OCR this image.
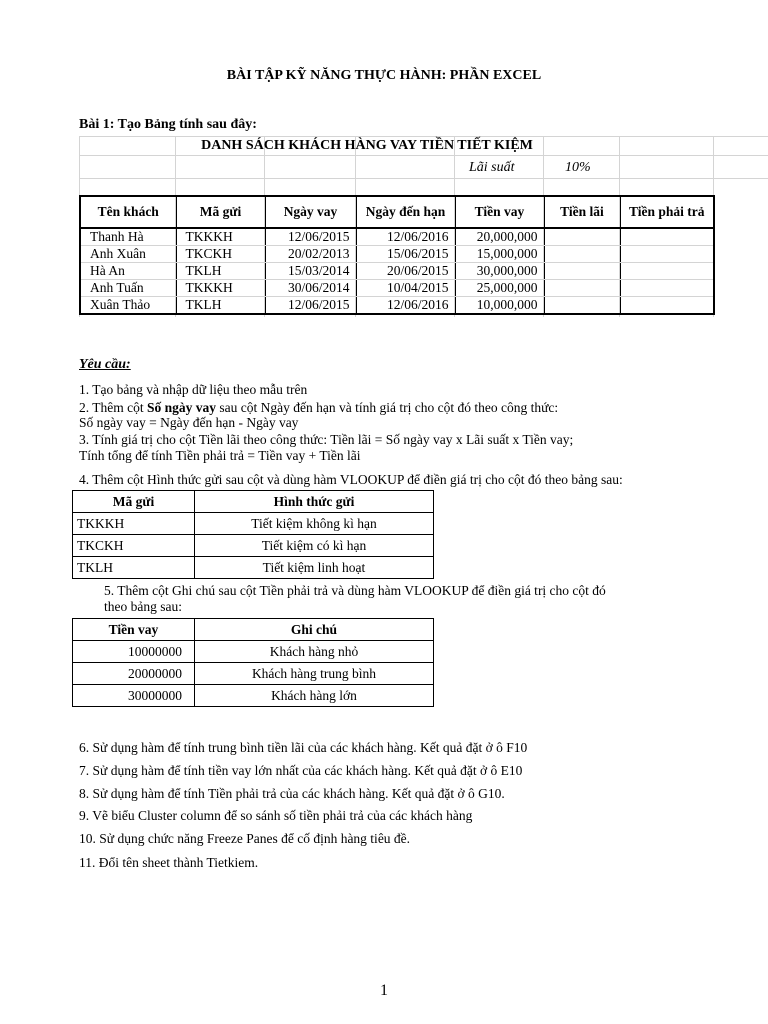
BÀI TẬP KỸ NĂNG THỰC HÀNH: PHẦN EXCEL
Bài 1: Tạo Bảng tính sau đây:
DANH SÁCH KHÁCH HÀNG VAY TIỀN TIẾT KIỆM
Lãi suất	10%
Tên khách	Mã gửi	Ngày vay	Ngày đến hạn	Tiền vay	Tiền lãi	Tiền phải trả
Thanh Hà	TKKKH	12/06/2015	12/06/2016	20,000,000		
Anh Xuân	TKCKH	20/02/2013	15/06/2015	15,000,000		
Hà An	TKLH	15/03/2014	20/06/2015	30,000,000		
Anh Tuấn	TKKKH	30/06/2014	10/04/2015	25,000,000		
Xuân Thảo	TKLH	12/06/2015	12/06/2016	10,000,000		
Yêu cầu:
1. Tạo bảng và nhập dữ liệu theo mẫu trên
2. Thêm cột Số ngày vay sau cột Ngày đến hạn và tính giá trị cho cột đó theo công thức:
Số ngày vay = Ngày đến hạn - Ngày vay
3. Tính giá trị cho cột Tiền lãi theo công thức: Tiền lãi = Số ngày vay x Lãi suất x Tiền vay;
Tính tổng để tính Tiền phải trả = Tiền vay + Tiền lãi
4. Thêm cột Hình thức gửi sau cột và dùng hàm VLOOKUP để điền giá trị cho cột đó theo bảng sau:
Mã gửi	Hình thức gửi
TKKKH	Tiết kiệm không kì hạn
TKCKH	Tiết kiệm có kì hạn
TKLH	Tiết kiệm linh hoạt
5. Thêm cột Ghi chú sau cột Tiền phải trả và dùng hàm VLOOKUP để điền giá trị cho cột đó
theo bảng sau:
Tiền vay	Ghi chú
10000000	Khách hàng nhỏ
20000000	Khách hàng trung bình
30000000	Khách hàng lớn
6. Sử dụng hàm để tính trung bình tiền lãi của các khách hàng. Kết quả đặt ở ô F10
7. Sử dụng hàm để tính tiền vay lớn nhất của các khách hàng. Kết quả đặt ở ô E10
8. Sử dụng hàm để tính Tiền phải trả của các khách hàng. Kết quả đặt ở ô G10.
9. Vẽ biểu Cluster column để so sánh số tiền phải trả của các khách hàng
10. Sử dụng chức năng Freeze Panes để cố định hàng tiêu đề.
11. Đổi tên sheet thành Tietkiem.
1
